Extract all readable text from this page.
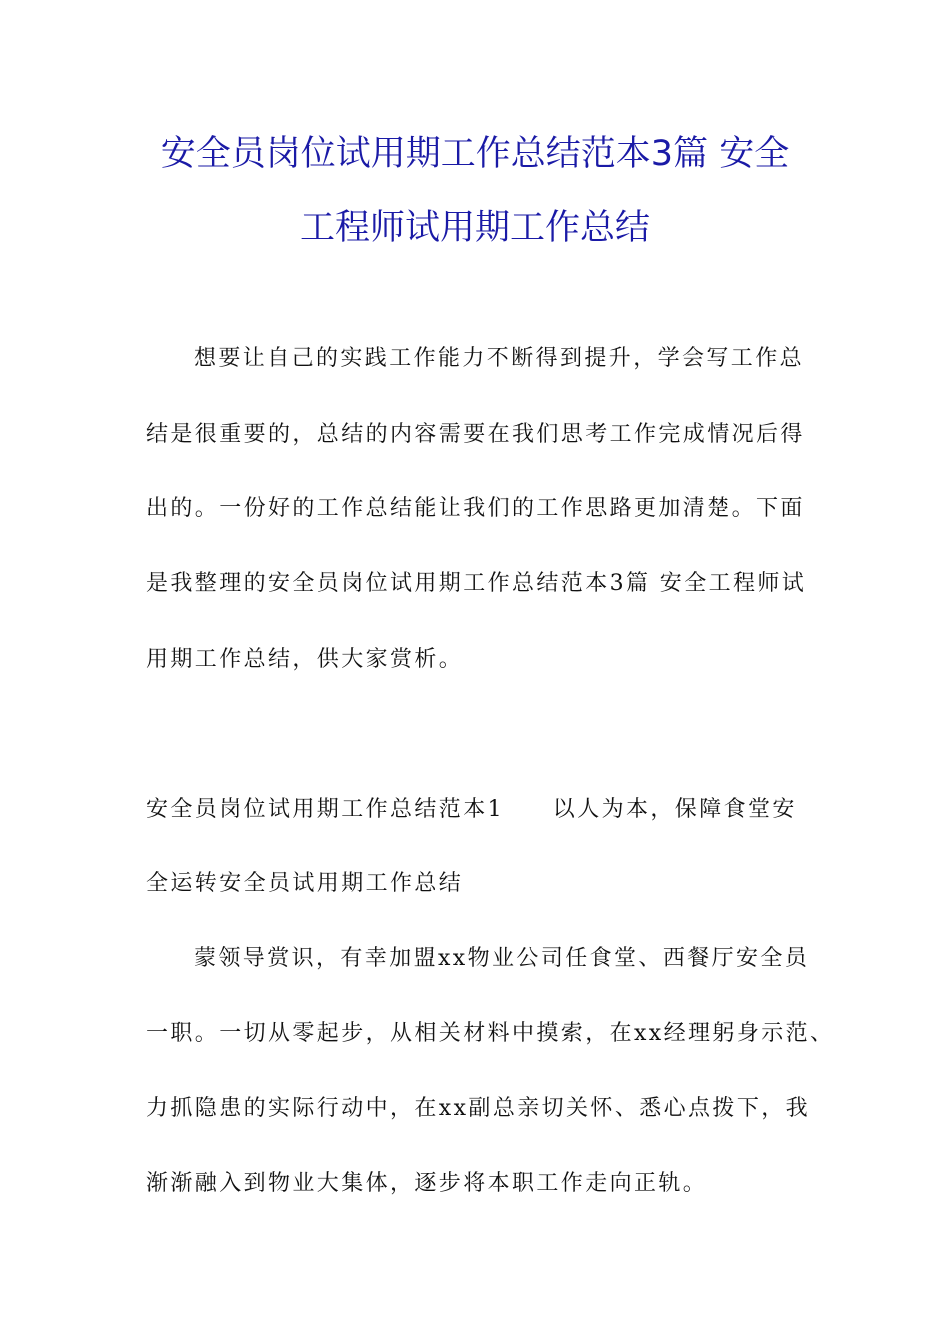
安全员岗位试用期工作总结范本3篇 安全
工程师试用期工作总结
想要让自己的实践工作能力不断得到提升，学会写工作总
结是很重要的，总结的内容需要在我们思考工作完成情况后得
出的。一份好的工作总结能让我们的工作思路更加清楚。下面
是我整理的安全员岗位试用期工作总结范本3篇 安全工程师试
用期工作总结，供大家赏析。
安全员岗位试用期工作总结范本1　　以人为本，保障食堂安
全运转安全员试用期工作总结
蒙领导赏识，有幸加盟xx物业公司任食堂、西餐厅安全员
一职。一切从零起步，从相关材料中摸索，在xx经理躬身示范、
力抓隐患的实际行动中，在xx副总亲切关怀、悉心点拨下，我
渐渐融入到物业大集体，逐步将本职工作走向正轨。
